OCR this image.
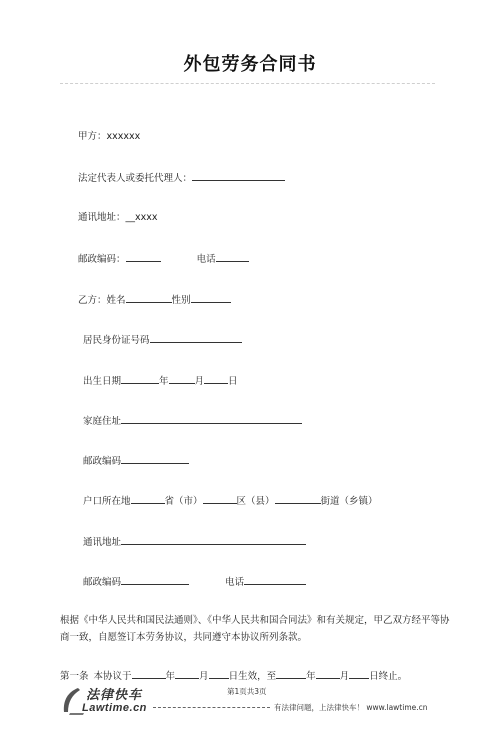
外包劳务合同书
甲方：xxxxxx
法定代表人或委托代理人：
通讯地址：__xxxx
邮政编码：	电话
乙方：姓名	性别
居民身份证号码
出生日期	年	月	日
家庭住址
邮政编码
户口所在地	省（市）	区（县）	街道（乡镇）
通讯地址
邮政编码	电话
根据《中华人民共和国民法通则》、《中华人民共和国合同法》和有关规定，甲乙双方经平等协商一致，自愿签订本劳务协议，共同遵守本协议所列条款。
第一条 本协议于	年	月 日生效，至	年	月 日终止。
第1页共3页
法律快车
Lawtime.cn	有法律问题，上法律快车！ www.lawtime.cn
